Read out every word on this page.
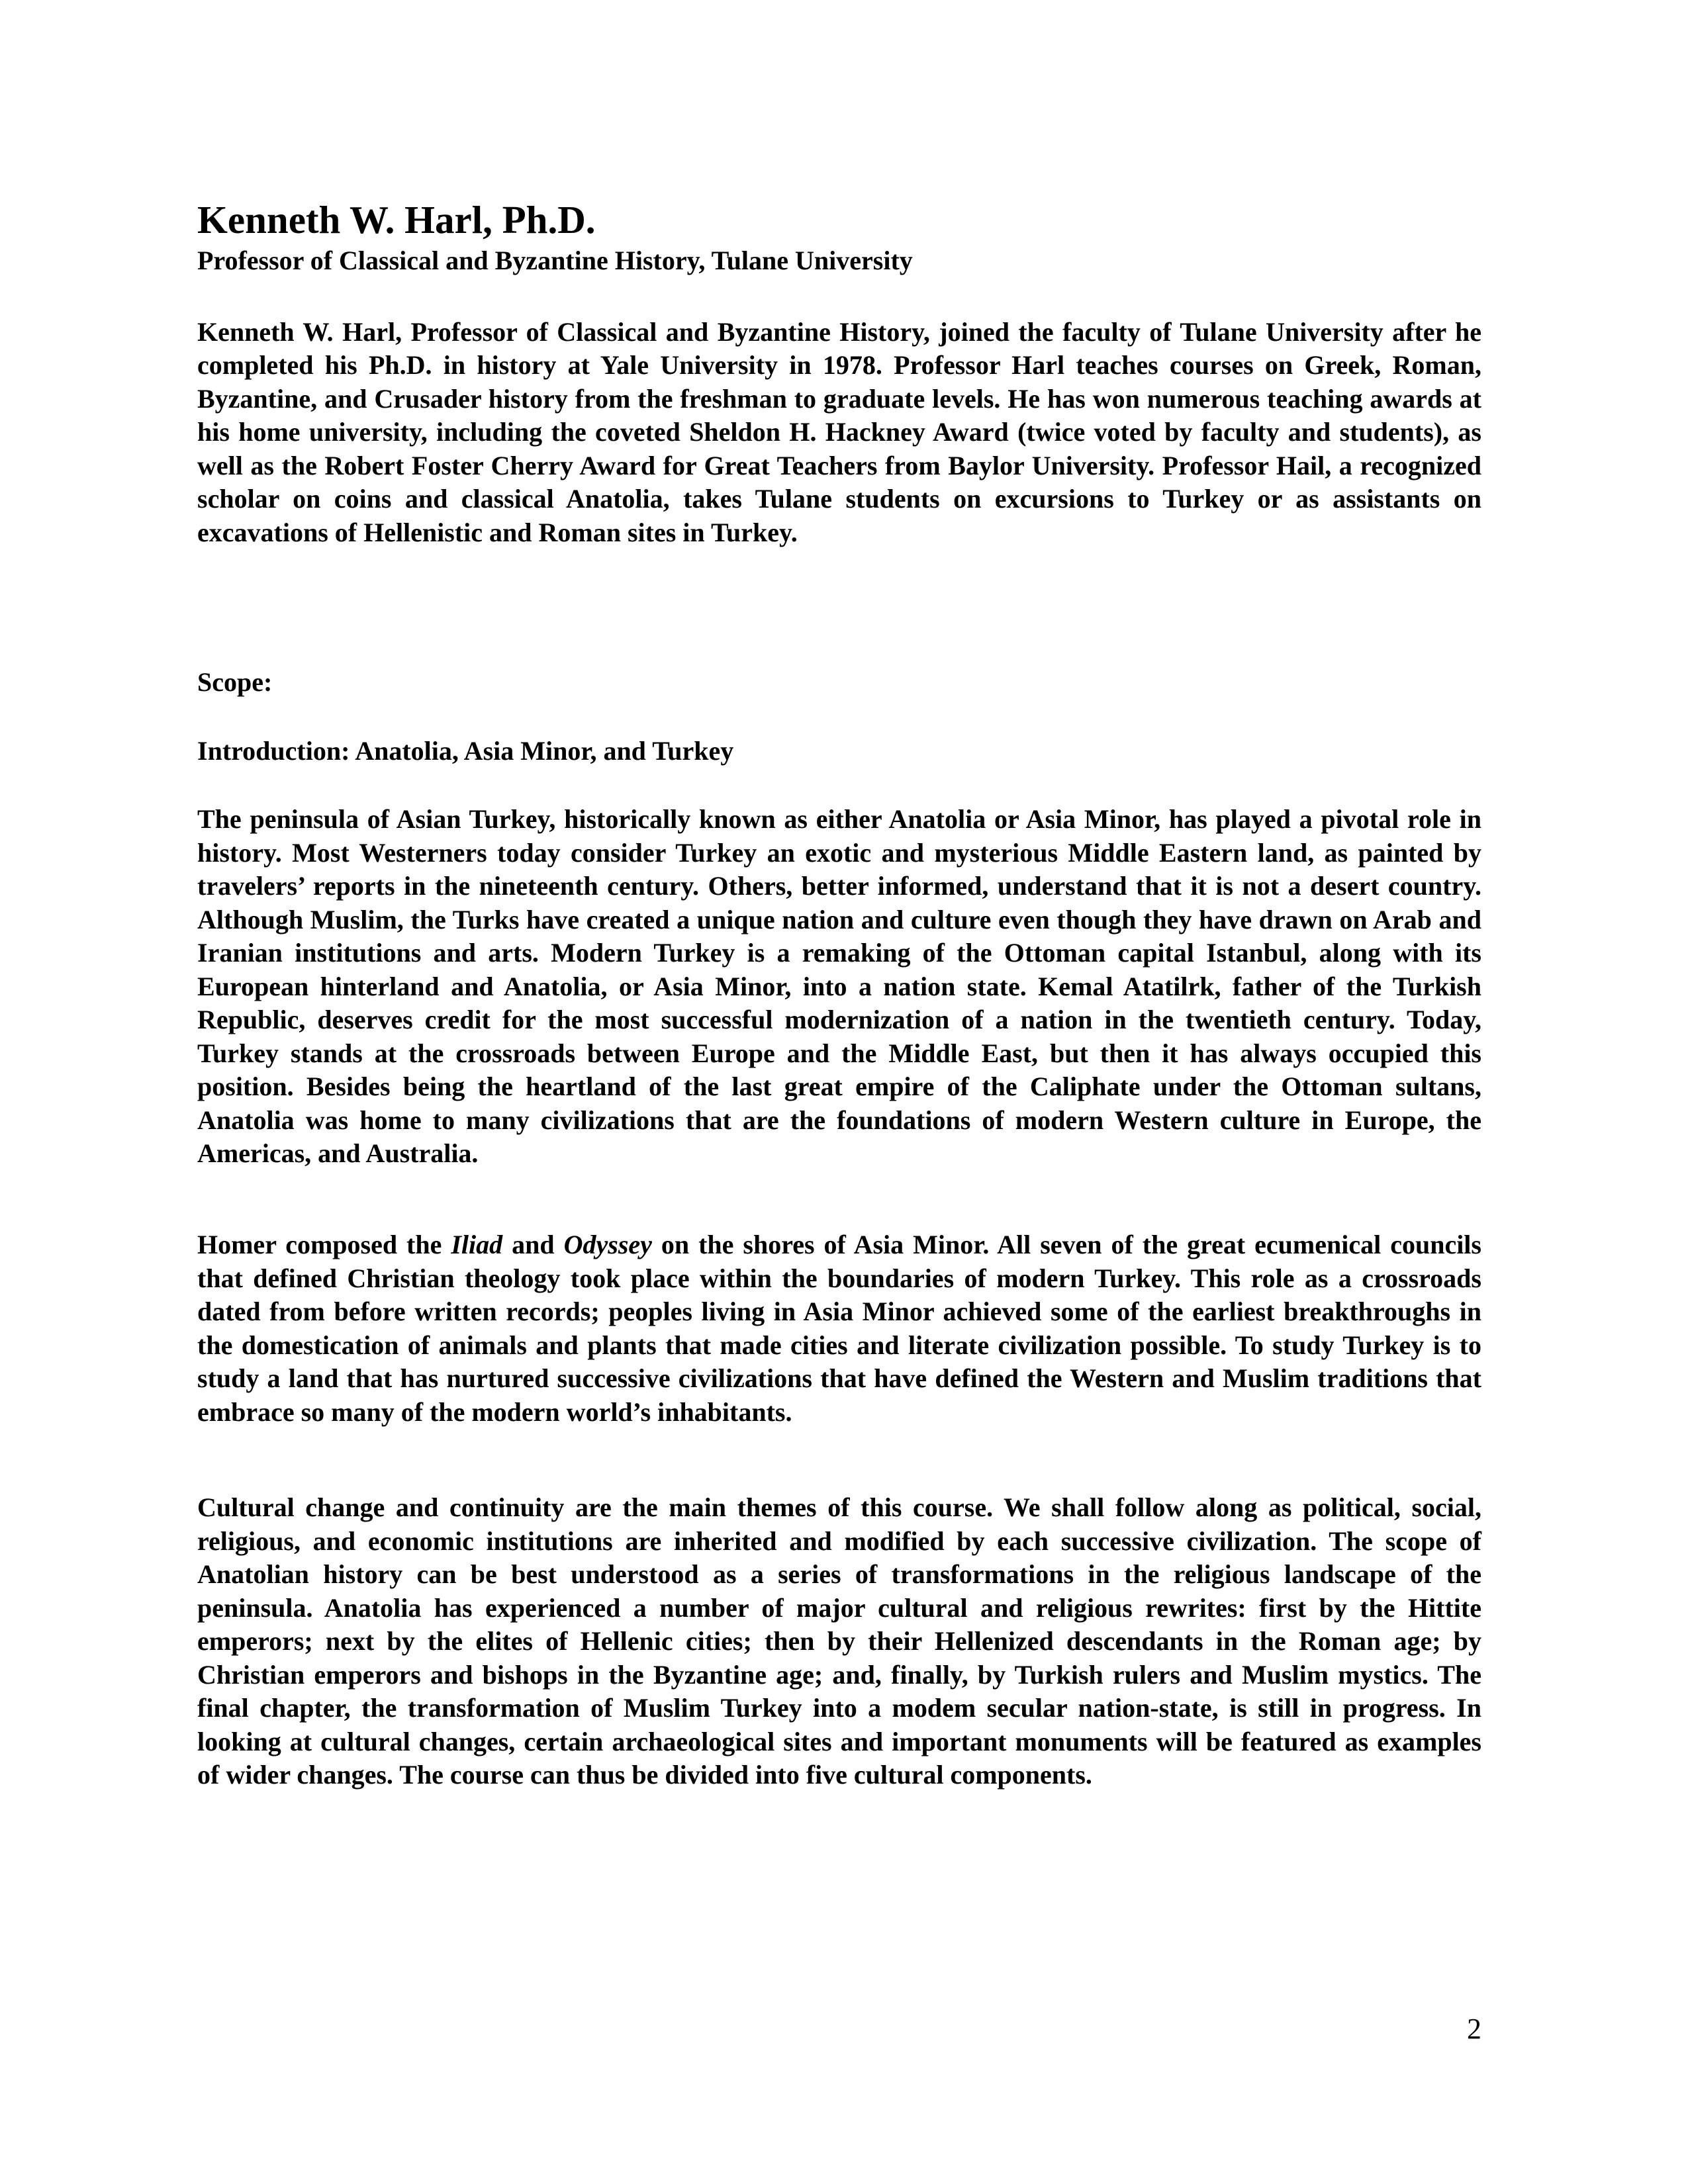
Kenneth W. Harl, Ph.D.

Professor of Classical and Byzantine History, Tulane University

Kenneth W. Harl, Professor of Classical and Byzantine History, joined the faculty of Tulane University after he completed his Ph.D. in history at Yale University in 1978. Professor Harl teaches courses on Greek, Roman, Byzantine, and Crusader history from the freshman to graduate levels. He has won numerous teaching awards at his home university, including the coveted Sheldon H. Hackney Award (twice voted by faculty and students), as well as the Robert Foster Cherry Award for Great Teachers from Baylor University. Professor Hail, a recognized scholar on coins and classical Anatolia, takes Tulane students on excursions to Turkey or as assistants on excavations of Hellenistic and Roman sites in Turkey.

Scope:

Introduction: Anatolia, Asia Minor, and Turkey

The peninsula of Asian Turkey, historically known as either Anatolia or Asia Minor, has played a pivotal role in history. Most Westerners today consider Turkey an exotic and mysterious Middle Eastern land, as painted by travelers’ reports in the nineteenth century. Others, better informed, understand that it is not a desert country. Although Muslim, the Turks have created a unique nation and culture even though they have drawn on Arab and Iranian institutions and arts. Modern Turkey is a remaking of the Ottoman capital Istanbul, along with its European hinterland and Anatolia, or Asia Minor, into a nation state. Kemal Atatilrk, father of the Turkish Republic, deserves credit for the most successful modernization of a nation in the twentieth century. Today, Turkey stands at the crossroads between Europe and the Middle East, but then it has always occupied this position. Besides being the heartland of the last great empire of the Caliphate under the Ottoman sultans, Anatolia was home to many civilizations that are the foundations of modern Western culture in Europe, the Americas, and Australia.

Homer composed the Iliad and Odyssey on the shores of Asia Minor. All seven of the great ecumenical councils that defined Christian theology took place within the boundaries of modern Turkey. This role as a crossroads dated from before written records; peoples living in Asia Minor achieved some of the earliest breakthroughs in the domestication of animals and plants that made cities and literate civilization possible. To study Turkey is to study a land that has nurtured successive civilizations that have defined the Western and Muslim traditions that embrace so many of the modern world’s inhabitants.

Cultural change and continuity are the main themes of this course. We shall follow along as political, social, religious, and economic institutions are inherited and modified by each successive civilization. The scope of Anatolian history can be best understood as a series of transformations in the religious landscape of the peninsula. Anatolia has experienced a number of major cultural and religious rewrites: first by the Hittite emperors; next by the elites of Hellenic cities; then by their Hellenized descendants in the Roman age; by Christian emperors and bishops in the Byzantine age; and, finally, by Turkish rulers and Muslim mystics. The final chapter, the transformation of Muslim Turkey into a modem secular nation-state, is still in progress. In looking at cultural changes, certain archaeological sites and important monuments will be featured as examples of wider changes. The course can thus be divided into five cultural components.

2
